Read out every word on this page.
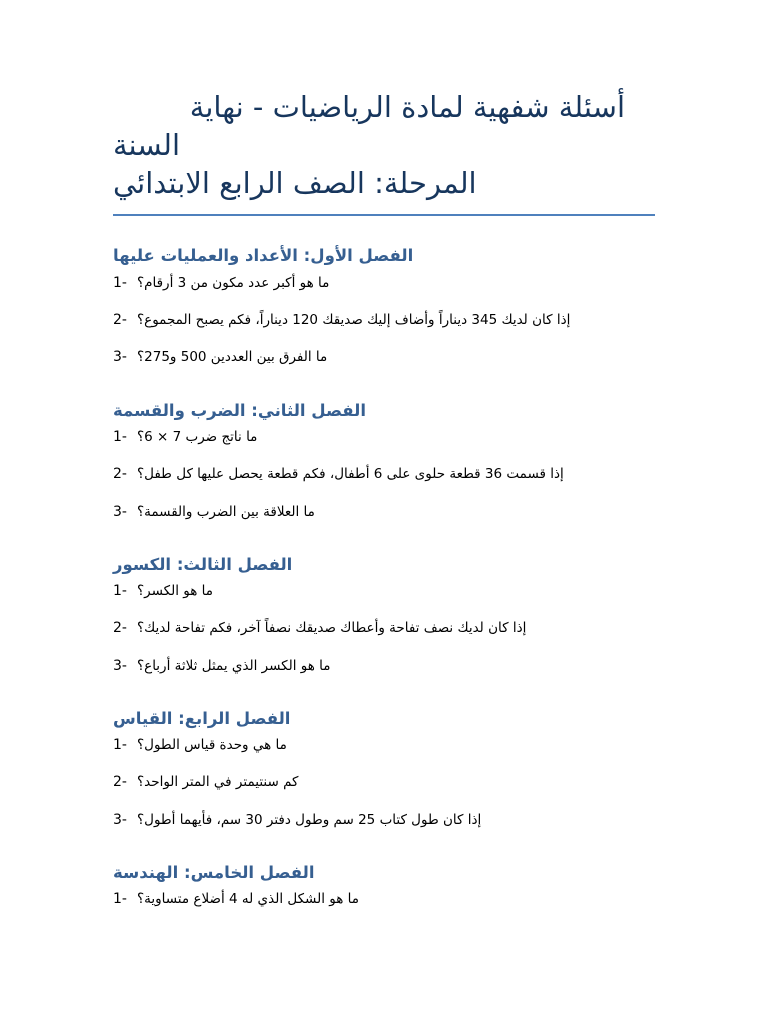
أسئلة شفهية لمادة الرياضيات - نهاية
السنة
المرحلة: الصف الرابع الابتدائي
الفصل الأول: الأعداد والعمليات عليها
1- ما هو أكبر عدد مكون من 3 أرقام؟
2- إذا كان لديك 345 ديناراً وأضاف إليك صديقك 120 ديناراً، فكم يصبح المجموع؟
3- ما الفرق بين العددين 500 و275؟
الفصل الثاني: الضرب والقسمة
1- ما ناتج ضرب 7 × 6؟
2- إذا قسمت 36 قطعة حلوى على 6 أطفال، فكم قطعة يحصل عليها كل طفل؟
3- ما العلاقة بين الضرب والقسمة؟
الفصل الثالث: الكسور
1- ما هو الكسر؟
2- إذا كان لديك نصف تفاحة وأعطاك صديقك نصفاً آخر، فكم تفاحة لديك؟
3- ما هو الكسر الذي يمثل ثلاثة أرباع؟
الفصل الرابع: القياس
1- ما هي وحدة قياس الطول؟
2- كم سنتيمتر في المتر الواحد؟
3- إذا كان طول كتاب 25 سم وطول دفتر 30 سم، فأيهما أطول؟
الفصل الخامس: الهندسة
1- ما هو الشكل الذي له 4 أضلاع متساوية؟
